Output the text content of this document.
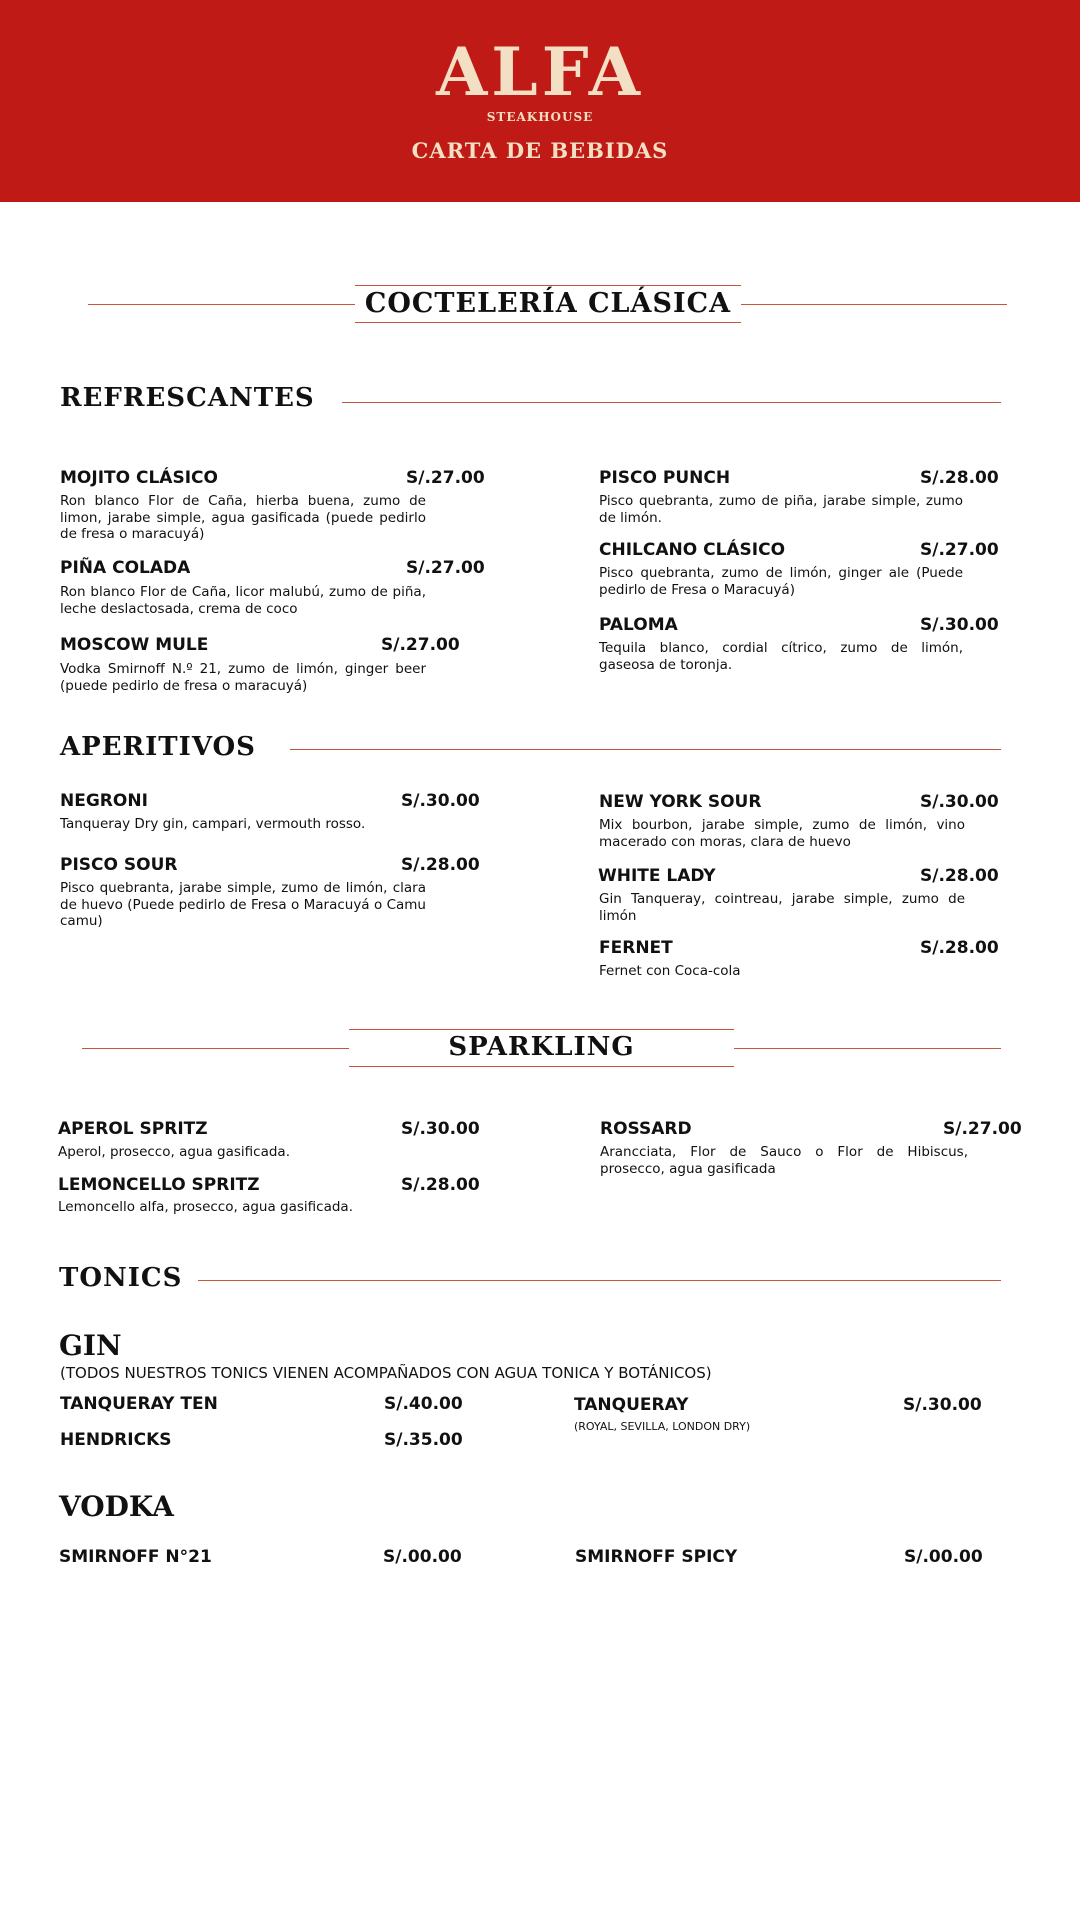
ALFA
STEAKHOUSE
CARTA DE BEBIDAS
COCTELERÍA CLÁSICA
REFRESCANTES
MOJITO CLÁSICO	S/.27.00
Ron blanco Flor de Caña, hierba buena, zumo de limon, jarabe simple, agua gasificada (puede pedirlo de fresa o maracuyá)
PIÑA COLADA	S/.27.00
Ron blanco Flor de Caña, licor malubú, zumo de piña, leche deslactosada, crema de coco
MOSCOW MULE	S/.27.00
Vodka Smirnoff N.º 21, zumo de limón, ginger beer (puede pedirlo de fresa o maracuyá)
PISCO PUNCH	S/.28.00
Pisco quebranta, zumo de piña, jarabe simple, zumo de limón.
CHILCANO CLÁSICO	S/.27.00
Pisco quebranta, zumo de limón, ginger ale (Puede pedirlo de Fresa o Maracuyá)
PALOMA	S/.30.00
Tequila blanco, cordial cítrico, zumo de limón, gaseosa de toronja.
APERITIVOS
NEGRONI	S/.30.00
Tanqueray Dry gin, campari, vermouth rosso.
PISCO SOUR	S/.28.00
Pisco quebranta, jarabe simple, zumo de limón, clara de huevo (Puede pedirlo de Fresa o Maracuyá o Camu camu)
NEW YORK SOUR	S/.30.00
Mix bourbon, jarabe simple, zumo de limón, vino macerado con moras, clara de huevo
WHITE LADY	S/.28.00
Gin Tanqueray, cointreau, jarabe simple, zumo de limón
FERNET	S/.28.00
Fernet con Coca-cola
SPARKLING
APEROL SPRITZ	S/.30.00
Aperol, prosecco, agua gasificada.
LEMONCELLO SPRITZ	S/.28.00
Lemoncello alfa, prosecco, agua gasificada.
ROSSARD	S/.27.00
Arancciata, Flor de Sauco o Flor de Hibiscus, prosecco, agua gasificada
TONICS
GIN
(TODOS NUESTROS TONICS VIENEN ACOMPAÑADOS CON AGUA TONICA Y BOTÁNICOS)
TANQUERAY TEN	S/.40.00
HENDRICKS	S/.35.00
TANQUERAY	S/.30.00
(ROYAL, SEVILLA, LONDON DRY)
VODKA
SMIRNOFF N°21	S/.00.00	SMIRNOFF SPICY	S/.00.00
